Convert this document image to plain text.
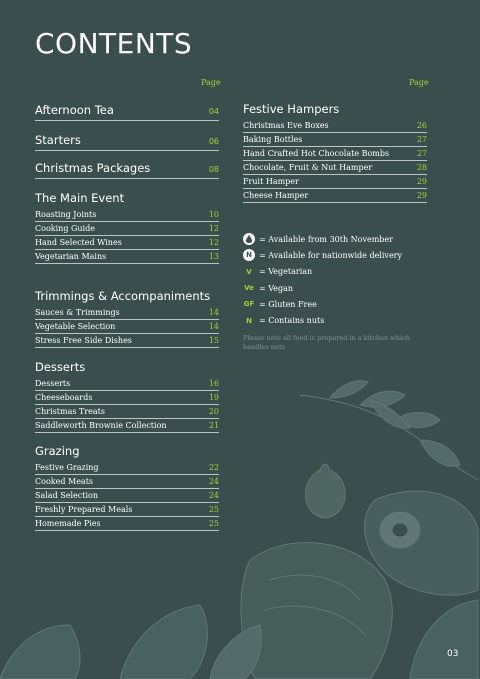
CONTENTS
Page	Page
Afternoon Tea	04
Starters	06
Christmas Packages	08
The Main Event
Roasting Joints	10
Cooking Guide	12
Hand Selected Wines	12
Vegetarian Mains	13
Trimmings & Accompaniments
Sauces & Trimmings	14
Vegetable Selection	14
Stress Free Side Dishes	15
Desserts
Desserts	16
Cheeseboards	19
Christmas Treats	20
Saddleworth Brownie Collection	21
Grazing
Festive Grazing	22
Cooked Meats	24
Salad Selection	24
Freshly Prepared Meals	25
Homemade Pies	25
Festive Hampers
Christmas Eve Boxes	26
Baking Bottles	27
Hand Crafted Hot Chocolate Bombs	27
Chocolate, Fruit & Nut Hamper	28
Fruit Hamper	29
Cheese Hamper	29
= Available from 30th November
N = Available for nationwide delivery
V = Vegetarian
Ve = Vegan
GF = Gluten Free
N = Contains nuts
Please note all food is prepared in a kitchen which handles nuts
03
